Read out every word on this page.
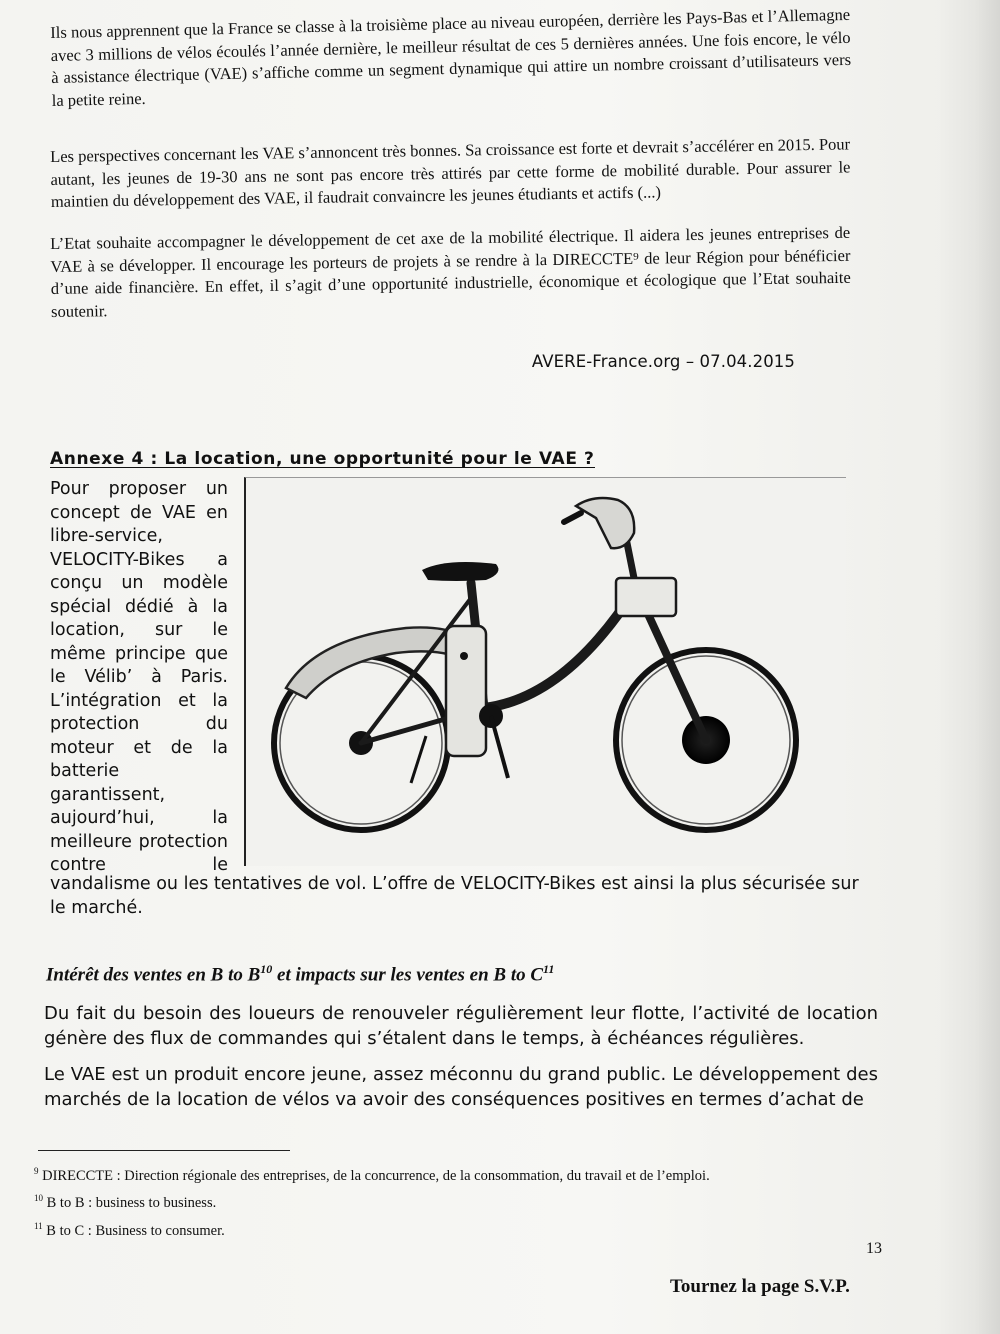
Ils nous apprennent que la France se classe à la troisième place au niveau européen, derrière les Pays-Bas et l’Allemagne avec 3 millions de vélos écoulés l’année dernière, le meilleur résultat de ces 5 dernières années. Une fois encore, le vélo à assistance électrique (VAE) s’affiche comme un segment dynamique qui attire un nombre croissant d’utilisateurs vers la petite reine.
Les perspectives concernant les VAE s’annoncent très bonnes. Sa croissance est forte et devrait s’accélérer en 2015. Pour autant, les jeunes de 19-30 ans ne sont pas encore très attirés par cette forme de mobilité durable. Pour assurer le maintien du développement des VAE, il faudrait convaincre les jeunes étudiants et actifs (...)
L’Etat souhaite accompagner le développement de cet axe de la mobilité électrique. Il aidera les jeunes entreprises de VAE à se développer. Il encourage les porteurs de projets à se rendre à la DIRECCTE⁹ de leur Région pour bénéficier d’une aide financière. En effet, il s’agit d’une opportunité industrielle, économique et écologique que l’Etat souhaite soutenir.
AVERE-France.org – 07.04.2015
Annexe 4 : La location, une opportunité pour le VAE ?
Pour proposer un concept de VAE en libre-service, VELOCITY-Bikes a conçu un modèle spécial dédié à la location, sur le même principe que le Vélib’ à Paris. L’intégration et la protection du moteur et de la batterie garantissent, aujourd’hui, la meilleure protection contre le
vandalisme ou les tentatives de vol. L’offre de VELOCITY-Bikes est ainsi la plus sécurisée sur le marché.
Intérêt des ventes en B to $B^{10}$ et impacts sur les ventes en B to $C^{11}$
Du fait du besoin des loueurs de renouveler régulièrement leur flotte, l’activité de location génère des flux de commandes qui s’étalent dans le temps, à échéances régulières.
Le VAE est un produit encore jeune, assez méconnu du grand public. Le développement des marchés de la location de vélos va avoir des conséquences positives en termes d’achat de
$^9$ DIRECCTE : Direction régionale des entreprises, de la concurrence, de la consommation, du travail et de l’emploi.
$^{10}$ B to B : business to business.
$^{11}$ B to C : Business to consumer.
13
Tournez la page S.V.P.
